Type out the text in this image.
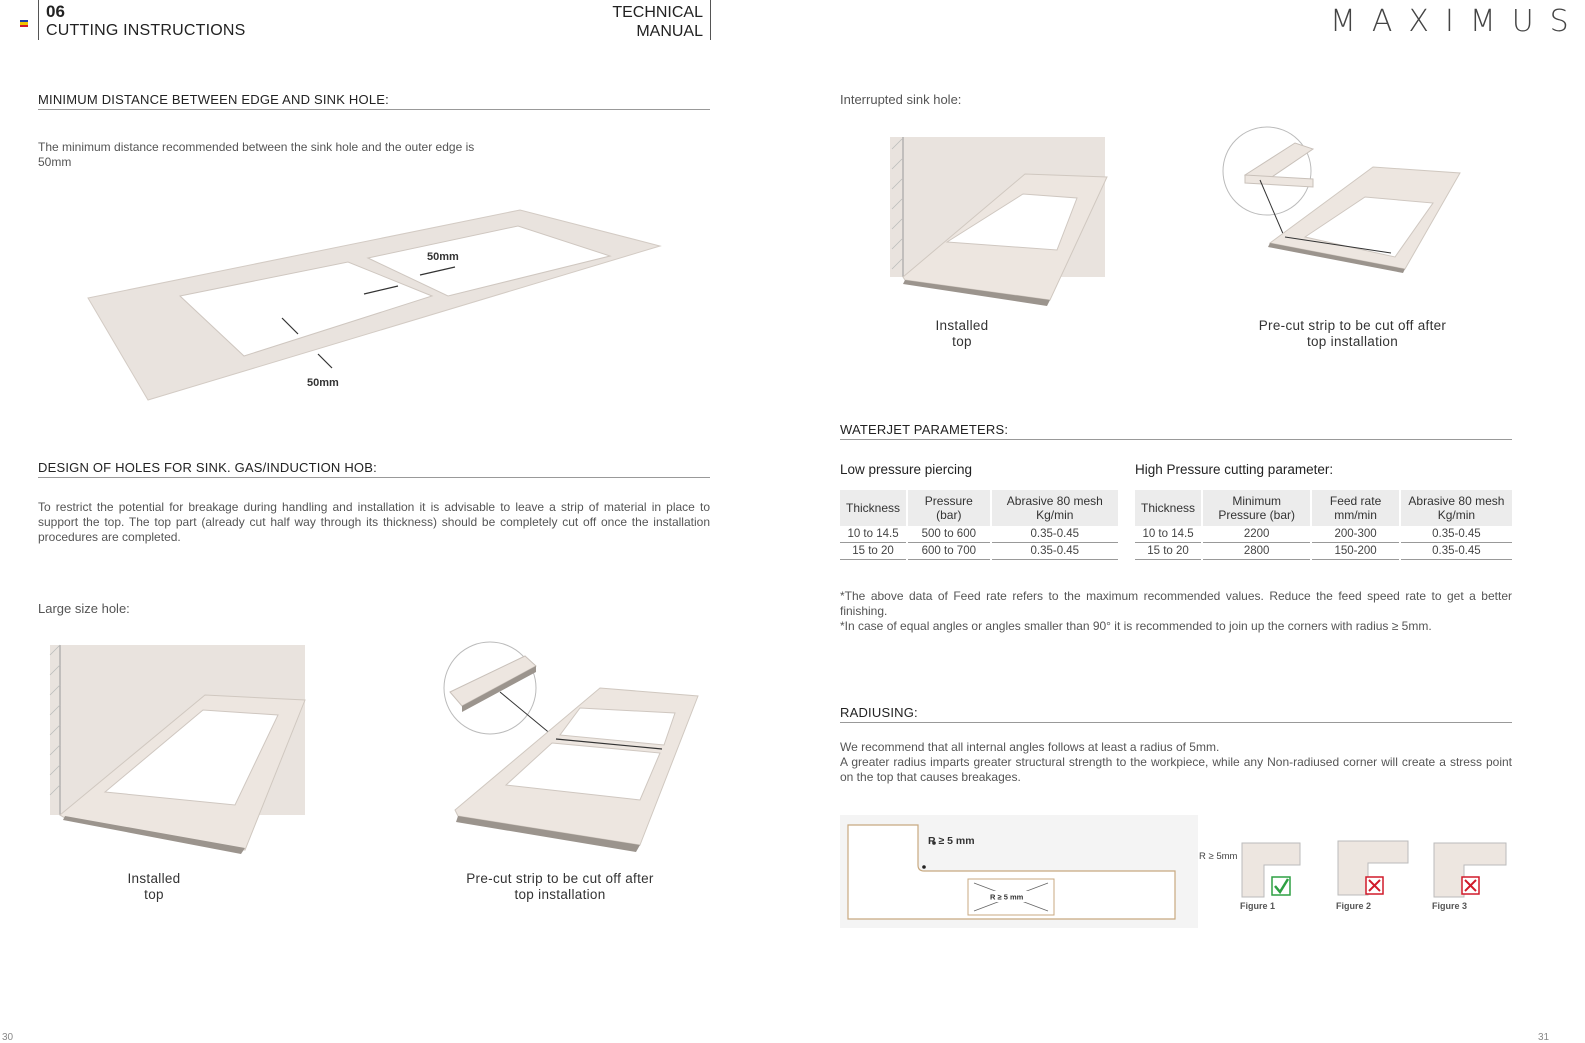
06
CUTTING INSTRUCTIONS
TECHNICAL
MANUAL	MAXIMUS
MINIMUM DISTANCE BETWEEN EDGE AND SINK HOLE:
The minimum distance recommended between the sink hole and the outer edge is
50mm
50mm
50mm
DESIGN OF HOLES FOR SINK. GAS/INDUCTION HOB:
To restrict the potential for breakage during handling and installation it is advisable to leave a strip of material in place to support the top. The top part (already cut half way through its thickness) should be completely cut off once the installation procedures are completed.
Large size hole:
Installed
top
Pre-cut strip to be cut off after
top installation
30
Interrupted sink hole:
Installed
top
Pre-cut strip to be cut off after
top installation
WATERJET PARAMETERS:
Low pressure piercing
Thickness	Pressure (bar)	Abrasive 80 mesh Kg/min
10 to 14.5	500 to 600	0.35-0.45
15 to 20	600 to 700	0.35-0.45
High Pressure cutting parameter:
Thickness	Minimum Pressure (bar)	Feed rate mm/min	Abrasive 80 mesh Kg/min
10 to 14.5	2200	200-300	0.35-0.45
15 to 20	2800	150-200	0.35-0.45
*The above data of Feed rate refers to the maximum recommended values. Reduce the feed speed rate to get a better finishing.
*In case of equal angles or angles smaller than 90° it is recommended to join up the corners with radius ≥ 5mm.
RADIUSING:
We recommend that all internal angles follows at least a radius of 5mm.
A greater radius imparts greater structural strength to the workpiece, while any Non-radiused corner will create a stress point on the top that causes breakages.
R ≥ 5 mm
R ≥ 5 mm
R ≥ 5mm
Figure 1	Figure 2	Figure 3
31
